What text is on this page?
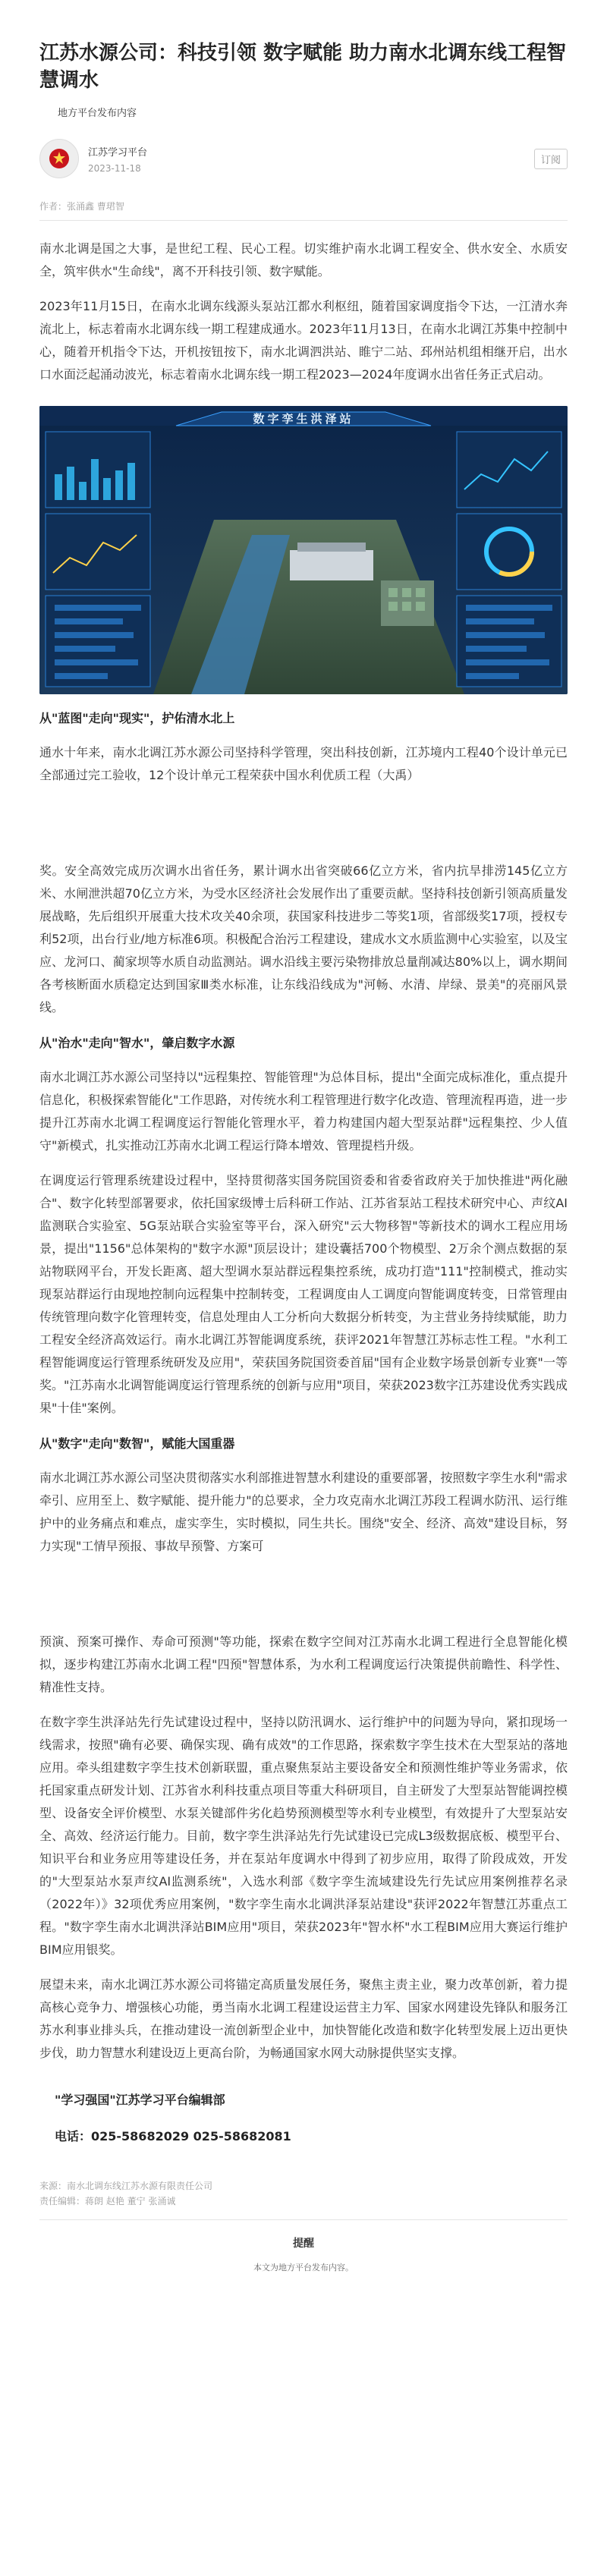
江苏水源公司：科技引领 数字赋能 助力南水北调东线工程智慧调水
地方平台发布内容
江苏学习平台
2023-11-18
订阅
作者：张涌鑫 曹珺智

南水北调是国之大事，是世纪工程、民心工程。切实维护南水北调工程安全、供水安全、水质安全，筑牢供水"生命线"，离不开科技引领、数字赋能。

2023年11月15日，在南水北调东线源头泵站江都水利枢纽，随着国家调度指令下达，一江清水奔流北上，标志着南水北调东线一期工程建成通水。2023年11月13日，在南水北调江苏集中控制中心，随着开机指令下达，开机按钮按下，南水北调泗洪站、睢宁二站、邳州站机组相继开启，出水口水面泛起涌动波光，标志着南水北调东线一期工程2023—2024年度调水出省任务正式启动。

数字孪生洪泽站
从"蓝图"走向"现实"，护佑清水北上

通水十年来，南水北调江苏水源公司坚持科学管理，突出科技创新，江苏境内工程40个设计单元已全部通过完工验收，12个设计单元工程荣获中国水利优质工程（大禹）

奖。安全高效完成历次调水出省任务，累计调水出省突破66亿立方米，省内抗旱排涝145亿立方米、水闸泄洪超70亿立方米，为受水区经济社会发展作出了重要贡献。坚持科技创新引领高质量发展战略，先后组织开展重大技术攻关40余项，获国家科技进步二等奖1项，省部级奖17项，授权专利52项，出台行业/地方标准6项。积极配合治污工程建设，建成水文水质监测中心实验室，以及宝应、龙河口、蔺家坝等水质自动监测站。调水沿线主要污染物排放总量削减达80%以上，调水期间各考核断面水质稳定达到国家Ⅲ类水标准，让东线沿线成为"河畅、水清、岸绿、景美"的亮丽风景线。

从"治水"走向"智水"，肇启数字水源

南水北调江苏水源公司坚持以"远程集控、智能管理"为总体目标，提出"全面完成标准化，重点提升信息化，积极探索智能化"工作思路，对传统水利工程管理进行数字化改造、管理流程再造，进一步提升江苏南水北调工程调度运行智能化管理水平，着力构建国内超大型泵站群"远程集控、少人值守"新模式，扎实推动江苏南水北调工程运行降本增效、管理提档升级。

在调度运行管理系统建设过程中，坚持贯彻落实国务院国资委和省委省政府关于加快推进"两化融合"、数字化转型部署要求，依托国家级博士后科研工作站、江苏省泵站工程技术研究中心、声纹AI监测联合实验室、5G泵站联合实验室等平台，深入研究"云大物移智"等新技术的调水工程应用场景，提出"1156"总体架构的"数字水源"顶层设计；建设囊括700个物模型、2万余个测点数据的泵站物联网平台，开发长距离、超大型调水泵站群远程集控系统，成功打造"111"控制模式，推动实现泵站群运行由现地控制向远程集中控制转变，工程调度由人工调度向智能调度转变，日常管理由传统管理向数字化管理转变，信息处理由人工分析向大数据分析转变，为主营业务持续赋能，助力工程安全经济高效运行。南水北调江苏智能调度系统，获评2021年智慧江苏标志性工程。"水利工程智能调度运行管理系统研发及应用"，荣获国务院国资委首届"国有企业数字场景创新专业赛"一等奖。"江苏南水北调智能调度运行管理系统的创新与应用"项目，荣获2023数字江苏建设优秀实践成果"十佳"案例。

从"数字"走向"数智"，赋能大国重器

南水北调江苏水源公司坚决贯彻落实水利部推进智慧水利建设的重要部署，按照数字孪生水利"需求牵引、应用至上、数字赋能、提升能力"的总要求，全力攻克南水北调江苏段工程调水防汛、运行维护中的业务痛点和难点，虚实孪生，实时模拟，同生共长。围绕"安全、经济、高效"建设目标，努力实现"工情早预报、事故早预警、方案可

预演、预案可操作、寿命可预测"等功能，探索在数字空间对江苏南水北调工程进行全息智能化模拟，逐步构建江苏南水北调工程"四预"智慧体系，为水利工程调度运行决策提供前瞻性、科学性、精准性支持。

在数字孪生洪泽站先行先试建设过程中，坚持以防汛调水、运行维护中的问题为导向，紧扣现场一线需求，按照"确有必要、确保实现、确有成效"的工作思路，探索数字孪生技术在大型泵站的落地应用。牵头组建数字孪生技术创新联盟，重点聚焦泵站主要设备安全和预测性维护等业务需求，依托国家重点研发计划、江苏省水利科技重点项目等重大科研项目，自主研发了大型泵站智能调控模型、设备安全评价模型、水泵关键部件劣化趋势预测模型等水利专业模型，有效提升了大型泵站安全、高效、经济运行能力。目前，数字孪生洪泽站先行先试建设已完成L3级数据底板、模型平台、知识平台和业务应用等建设任务，并在泵站年度调水中得到了初步应用，取得了阶段成效，开发的"大型泵站水泵声纹AI监测系统"，入选水利部《数字孪生流域建设先行先试应用案例推荐名录（2022年）》32项优秀应用案例，"数字孪生南水北调洪泽泵站建设"获评2022年智慧江苏重点工程。"数字孪生南水北调洪泽站BIM应用"项目，荣获2023年"智水杯"水工程BIM应用大赛运行维护BIM应用银奖。

展望未来，南水北调江苏水源公司将锚定高质量发展任务，聚焦主责主业，聚力改革创新，着力提高核心竞争力、增强核心功能，勇当南水北调工程建设运营主力军、国家水网建设先锋队和服务江苏水利事业排头兵，在推动建设一流创新型企业中，加快智能化改造和数字化转型发展上迈出更快步伐，助力智慧水利建设迈上更高台阶，为畅通国家水网大动脉提供坚实支撑。

"学习强国"江苏学习平台编辑部
电话：025-58682029 025-58682081
来源：南水北调东线江苏水源有限责任公司
责任编辑：蒋朗 赵艳 董宁 张涌诚
提醒
本文为地方平台发布内容。
